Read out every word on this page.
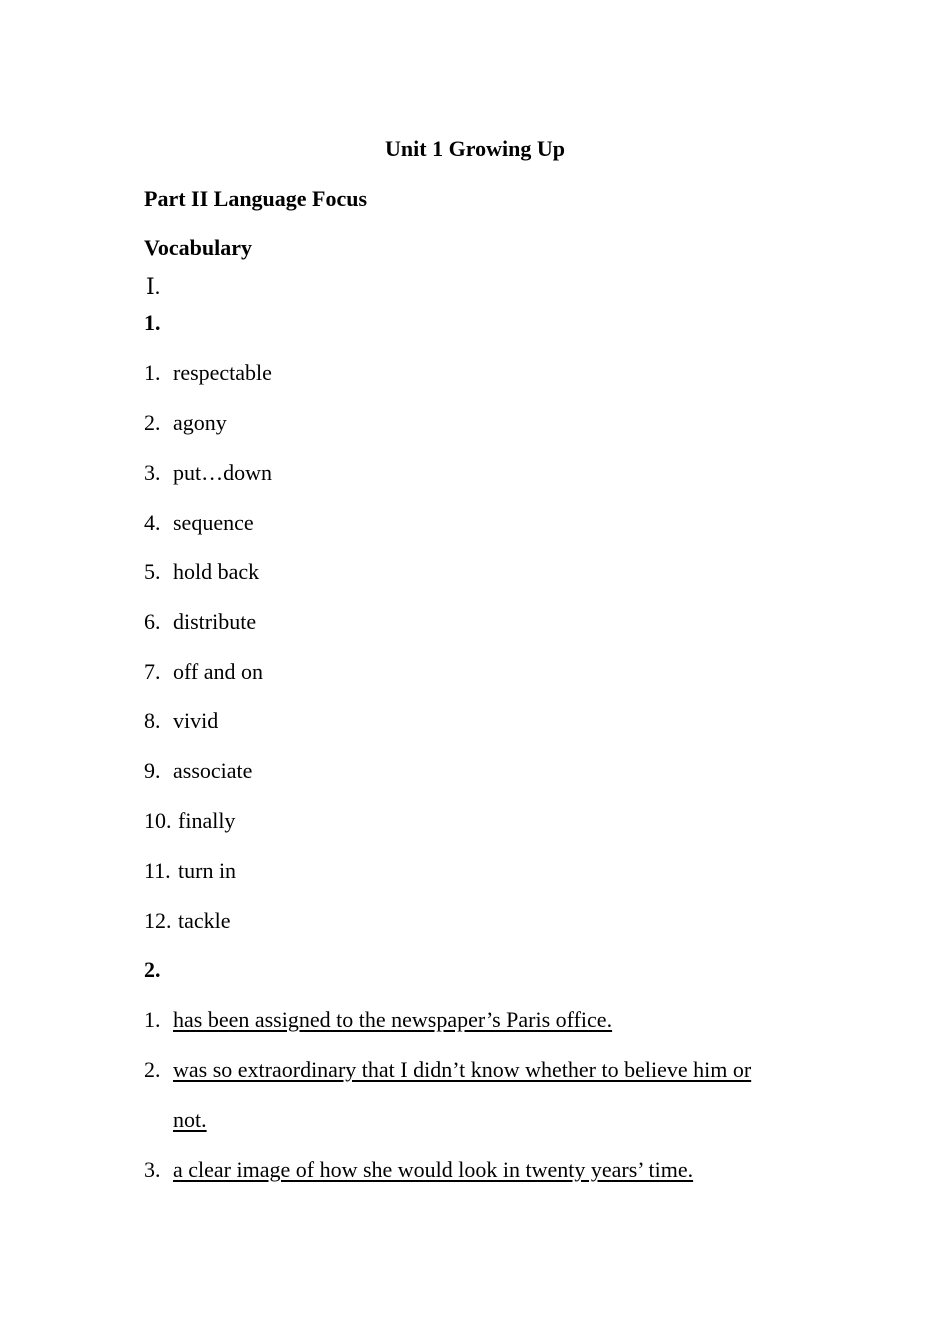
Unit 1 Growing Up
Part II Language Focus
Vocabulary
Ⅰ.
1.
1. respectable
2. agony
3. put…down
4. sequence
5. hold back
6. distribute
7. off and on
8. vivid
9. associate
10. finally
11. turn in
12. tackle
2.
1. has been assigned to the newspaper’s Paris office.
2. was so extraordinary that I didn’t know whether to believe him or
not.
3. a clear image of how she would look in twenty years’ time.
